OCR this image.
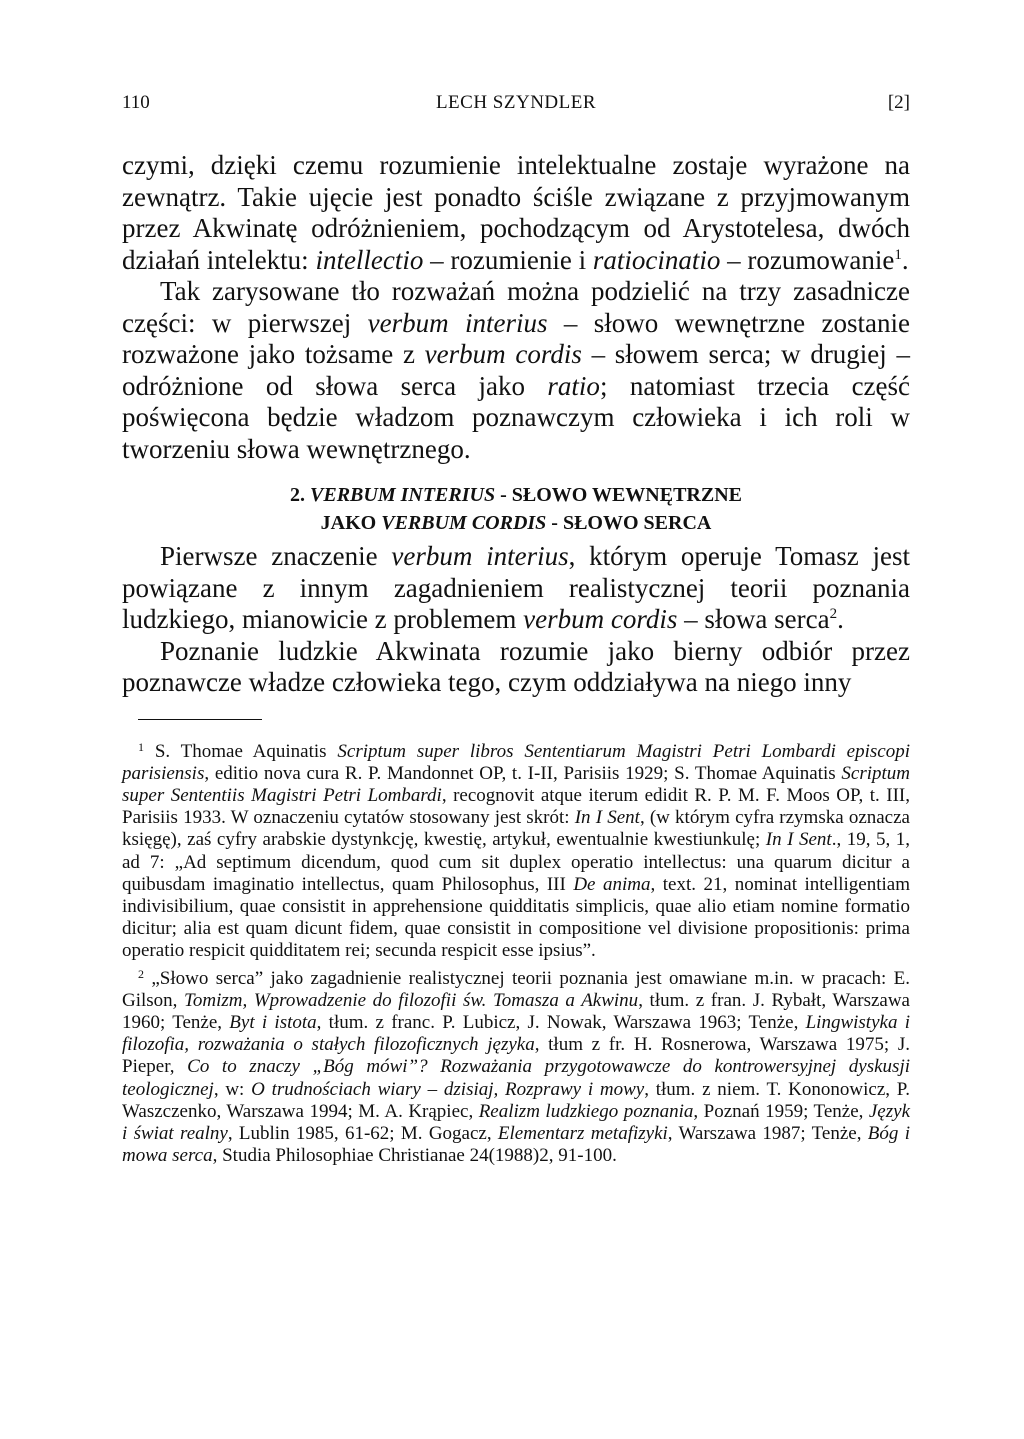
110	LECH SZYNDLER	[2]

czymi, dzięki czemu rozumienie intelektualne zostaje wyrażone na zewnątrz. Takie ujęcie jest ponadto ściśle związane z przyjmowanym przez Akwinatę odróżnieniem, pochodzącym od Arystotelesa, dwóch działań intelektu: intellectio – rozumienie i ratiocinatio – rozumowanie$^1$.

Tak zarysowane tło rozważań można podzielić na trzy zasadnicze części: w pierwszej verbum interius – słowo wewnętrzne zostanie rozważone jako tożsame z verbum cordis – słowem serca; w drugiej – odróżnione od słowa serca jako ratio; natomiast trzecia część poświęcona będzie władzom poznawczym człowieka i ich roli w tworzeniu słowa wewnętrznego.

2. VERBUM INTERIUS - SŁOWO WEWNĘTRZNE
JAKO VERBUM CORDIS - SŁOWO SERCA

Pierwsze znaczenie verbum interius, którym operuje Tomasz jest powiązane z innym zagadnieniem realistycznej teorii poznania ludzkiego, mianowicie z problemem verbum cordis – słowa serca$^2$.

Poznanie ludzkie Akwinata rozumie jako bierny odbiór przez poznawcze władze człowieka tego, czym oddziaływa na niego inny

$^1$ S. Thomae Aquinatis Scriptum super libros Sententiarum Magistri Petri Lombardi episcopi parisiensis, editio nova cura R. P. Mandonnet OP, t. I-II, Parisiis 1929; S. Thomae Aquinatis Scriptum super Sententiis Magistri Petri Lombardi, recognovit atque iterum edidit R. P. M. F. Moos OP, t. III, Parisiis 1933. W oznaczeniu cytatów stosowany jest skrót: In I Sent, (w którym cyfra rzymska oznacza księgę), zaś cyfry arabskie dystynkcję, kwestię, artykuł, ewentualnie kwestiunkulę; In I Sent., 19, 5, 1, ad 7: „Ad septimum dicendum, quod cum sit duplex operatio intellectus: una quarum dicitur a quibusdam imaginatio intellectus, quam Philosophus, III De anima, text. 21, nominat intelligentiam indivisibilium, quae consistit in apprehensione quidditatis simplicis, quae alio etiam nomine formatio dicitur; alia est quam dicunt fidem, quae consistit in compositione vel divisione propositionis: prima operatio respicit quidditatem rei; secunda respicit esse ipsius”.

$^2$ „Słowo serca” jako zagadnienie realistycznej teorii poznania jest omawiane m.in. w pracach: E. Gilson, Tomizm, Wprowadzenie do filozofii św. Tomasza a Akwinu, tłum. z fran. J. Rybałt, Warszawa 1960; Tenże, Byt i istota, tłum. z franc. P. Lubicz, J. Nowak, Warszawa 1963; Tenże, Lingwistyka i filozofia, rozważania o stałych filozoficznych języka, tłum z fr. H. Rosnerowa, Warszawa 1975; J. Pieper, Co to znaczy „Bóg mówi”? Rozważania przygotowawcze do kontrowersyjnej dyskusji teologicznej, w: O trudnościach wiary – dzisiaj, Rozprawy i mowy, tłum. z niem. T. Kononowicz, P. Waszczenko, Warszawa 1994; M. A. Krąpiec, Realizm ludzkiego poznania, Poznań 1959; Tenże, Język i świat realny, Lublin 1985, 61-62; M. Gogacz, Elementarz metafizyki, Warszawa 1987; Tenże, Bóg i mowa serca, Studia Philosophiae Christianae 24(1988)2, 91-100.
